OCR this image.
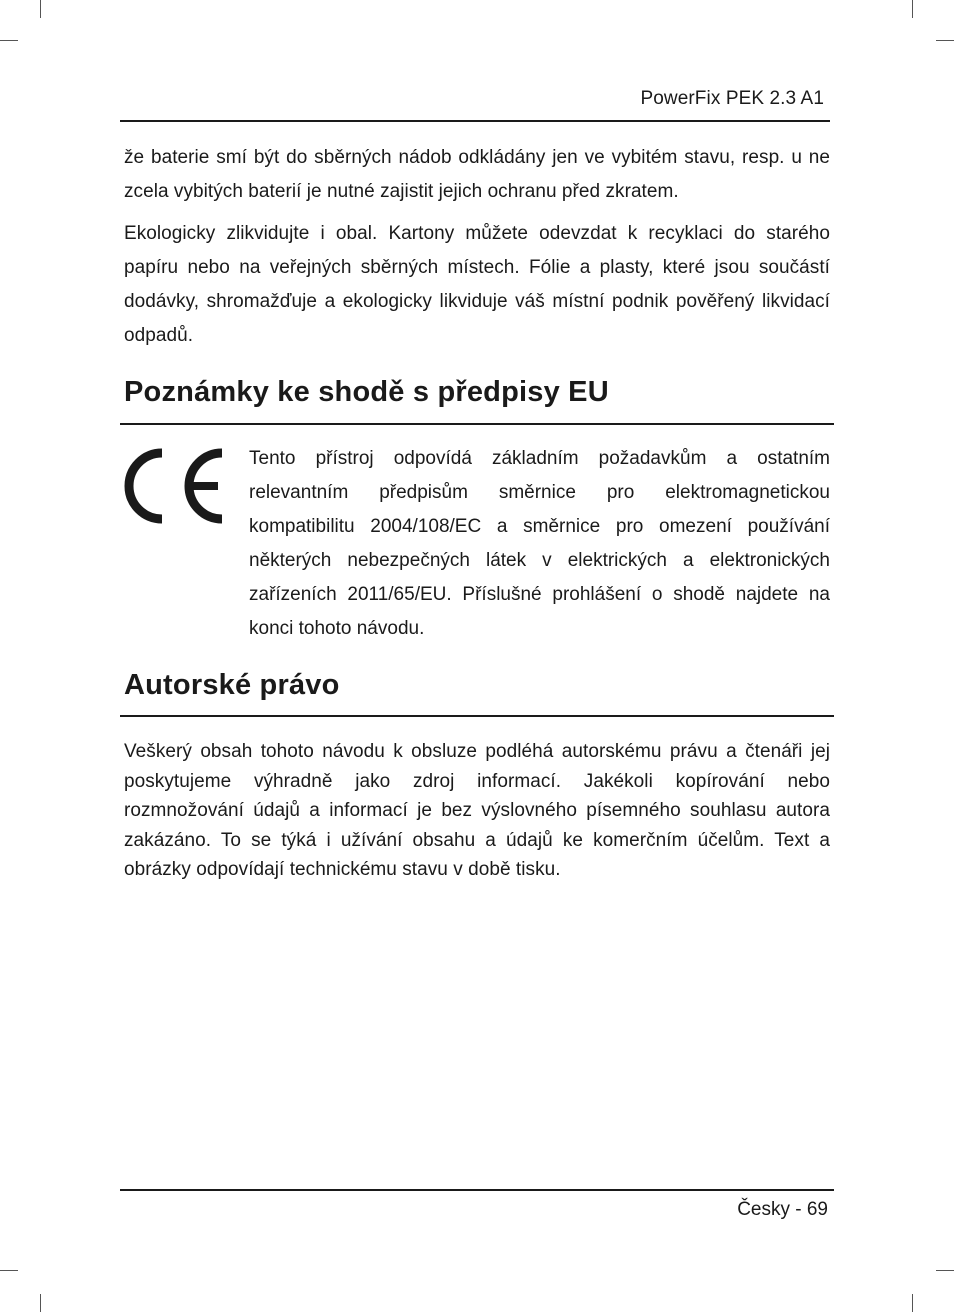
PowerFix PEK 2.3 A1

že baterie smí být do sběrných nádob odkládány jen ve vybitém stavu, resp. u ne zcela vybitých baterií je nutné zajistit jejich ochranu před zkratem.

Ekologicky zlikvidujte i obal. Kartony můžete odevzdat k recyklaci do starého papíru nebo na veřejných sběrných místech. Fólie a plasty, které jsou součástí dodávky, shromažďuje a ekologicky likviduje váš místní podnik pověřený likvidací odpadů.

Poznámky ke shodě s předpisy EU

Tento přístroj odpovídá základním požadavkům a ostatním relevantním předpisům směrnice pro elektromagnetickou kompatibilitu 2004/108/EC a směrnice pro omezení používání některých nebezpečných látek v elektrických a elektronických zařízeních 2011/65/EU. Příslušné prohlášení o shodě najdete na konci tohoto návodu.

Autorské právo

Veškerý obsah tohoto návodu k obsluze podléhá autorskému právu a čtenáři jej poskytujeme výhradně jako zdroj informací. Jakékoli kopírování nebo rozmnožování údajů a informací je bez výslovného písemného souhlasu autora zakázáno. To se týká i užívání obsahu a údajů ke komerčním účelům. Text a obrázky odpovídají technickému stavu v době tisku.

Česky - 69
